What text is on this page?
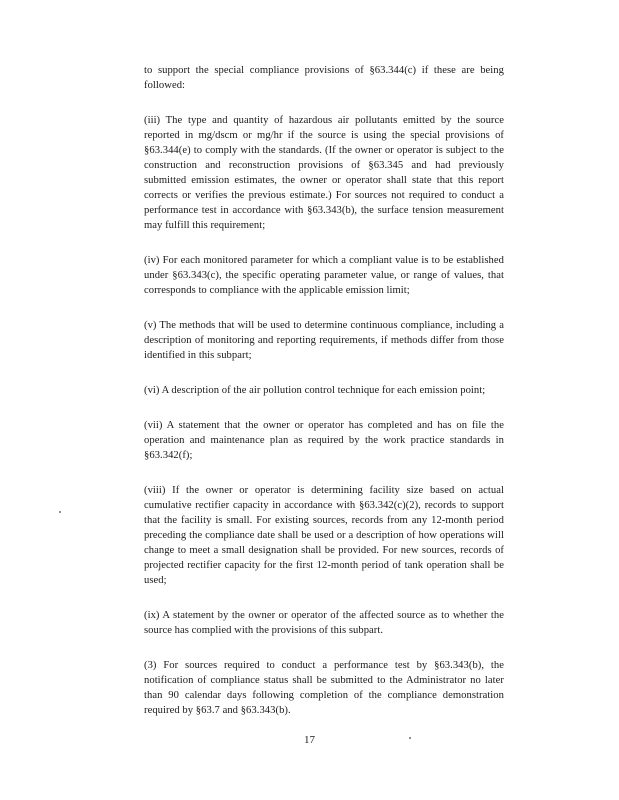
to support the special compliance provisions of §63.344(c) if these are being followed:

(iii) The type and quantity of hazardous air pollutants emitted by the source reported in mg/dscm or mg/hr if the source is using the special provisions of §63.344(e) to comply with the standards. (If the owner or operator is subject to the construction and reconstruction provisions of §63.345 and had previously submitted emission estimates, the owner or operator shall state that this report corrects or verifies the previous estimate.) For sources not required to conduct a performance test in accordance with §63.343(b), the surface tension measurement may fulfill this requirement;

(iv) For each monitored parameter for which a compliant value is to be established under §63.343(c), the specific operating parameter value, or range of values, that corresponds to compliance with the applicable emission limit;

(v) The methods that will be used to determine continuous compliance, including a description of monitoring and reporting requirements, if methods differ from those identified in this subpart;

(vi) A description of the air pollution control technique for each emission point;

(vii) A statement that the owner or operator has completed and has on file the operation and maintenance plan as required by the work practice standards in §63.342(f);

(viii) If the owner or operator is determining facility size based on actual cumulative rectifier capacity in accordance with §63.342(c)(2), records to support that the facility is small. For existing sources, records from any 12-month period preceding the compliance date shall be used or a description of how operations will change to meet a small designation shall be provided. For new sources, records of projected rectifier capacity for the first 12-month period of tank operation shall be used;

(ix) A statement by the owner or operator of the affected source as to whether the source has complied with the provisions of this subpart.

(3) For sources required to conduct a performance test by §63.343(b), the notification of compliance status shall be submitted to the Administrator no later than 90 calendar days following completion of the compliance demonstration required by §63.7 and §63.343(b).

17
